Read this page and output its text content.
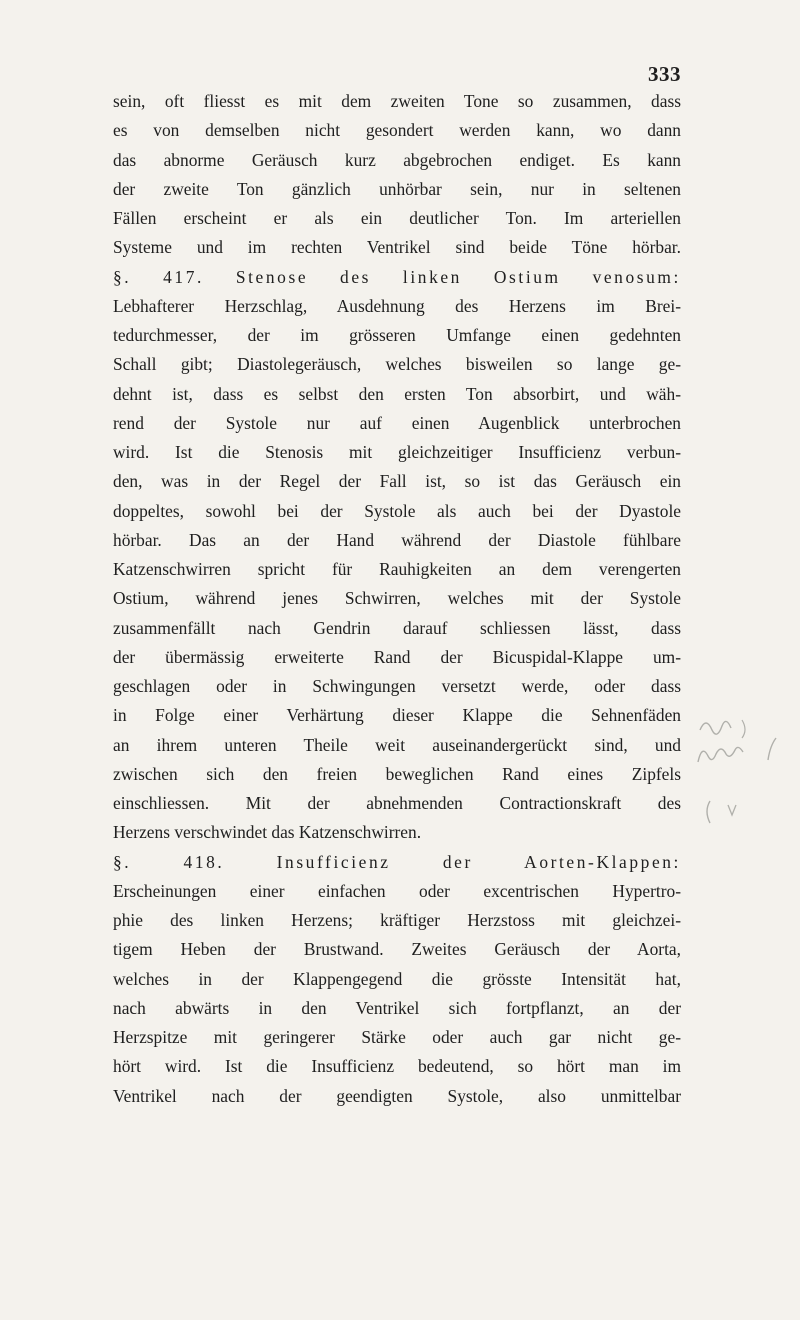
333
sein, oft fliesst es mit dem zweiten Tone so zusammen, dass
es von demselben nicht gesondert werden kann, wo dann
das abnorme Geräusch kurz abgebrochen endiget. Es kann
der zweite Ton gänzlich unhörbar sein, nur in seltenen
Fällen erscheint er als ein deutlicher Ton. Im arteriellen
Systeme und im rechten Ventrikel sind beide Töne hörbar.
§. 417. Stenose des linken Ostium venosum:
Lebhafterer Herzschlag, Ausdehnung des Herzens im Brei-
tedurchmesser, der im grösseren Umfange einen gedehnten
Schall gibt; Diastolegeräusch, welches bisweilen so lange ge-
dehnt ist, dass es selbst den ersten Ton absorbirt, und wäh-
rend der Systole nur auf einen Augenblick unterbrochen
wird. Ist die Stenosis mit gleichzeitiger Insufficienz verbun-
den, was in der Regel der Fall ist, so ist das Geräusch ein
doppeltes, sowohl bei der Systole als auch bei der Dyastole
hörbar. Das an der Hand während der Diastole fühlbare
Katzenschwirren spricht für Rauhigkeiten an dem verengerten
Ostium, während jenes Schwirren, welches mit der Systole
zusammenfällt nach Gendrin darauf schliessen lässt, dass
der übermässig erweiterte Rand der Bicuspidal-Klappe um-
geschlagen oder in Schwingungen versetzt werde, oder dass
in Folge einer Verhärtung dieser Klappe die Sehnenfäden
an ihrem unteren Theile weit auseinandergerückt sind, und
zwischen sich den freien beweglichen Rand eines Zipfels
einschliessen. Mit der abnehmenden Contractionskraft des
Herzens verschwindet das Katzenschwirren.
§. 418. Insufficienz der Aorten-Klappen:
Erscheinungen einer einfachen oder excentrischen Hypertro-
phie des linken Herzens; kräftiger Herzstoss mit gleichzei-
tigem Heben der Brustwand. Zweites Geräusch der Aorta,
welches in der Klappengegend die grösste Intensität hat,
nach abwärts in den Ventrikel sich fortpflanzt, an der
Herzspitze mit geringerer Stärke oder auch gar nicht ge-
hört wird. Ist die Insufficienz bedeutend, so hört man im
Ventrikel nach der geendigten Systole, also unmittelbar
